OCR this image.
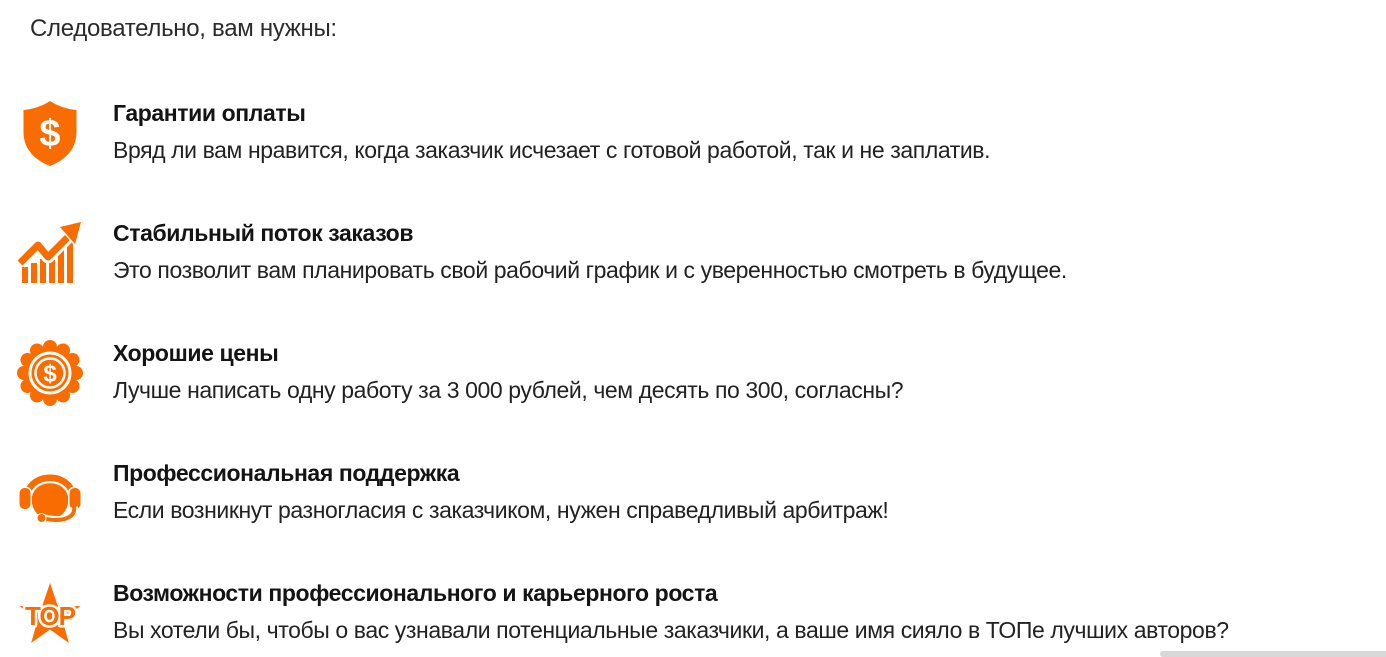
Следовательно, вам нужны:
$ Гарантии оплаты

Вряд ли вам нравится, когда заказчик исчезает с готовой работой, так и не заплатив.

Стабильный поток заказов

Это позволит вам планировать свой рабочий график и с уверенностью смотреть в будущее.

$

Хорошие цены

Лучше написать одну работу за 3 000 рублей, чем десять по 300, согласны?

Профессиональная поддержка

Если возникнут разногласия с заказчиком, нужен справедливый арбитраж!

TOP

Возможности профессионального и карьерного роста

Вы хотели бы, чтобы о вас узнавали потенциальные заказчики, а ваше имя сияло в ТОПе лучших авторов?
